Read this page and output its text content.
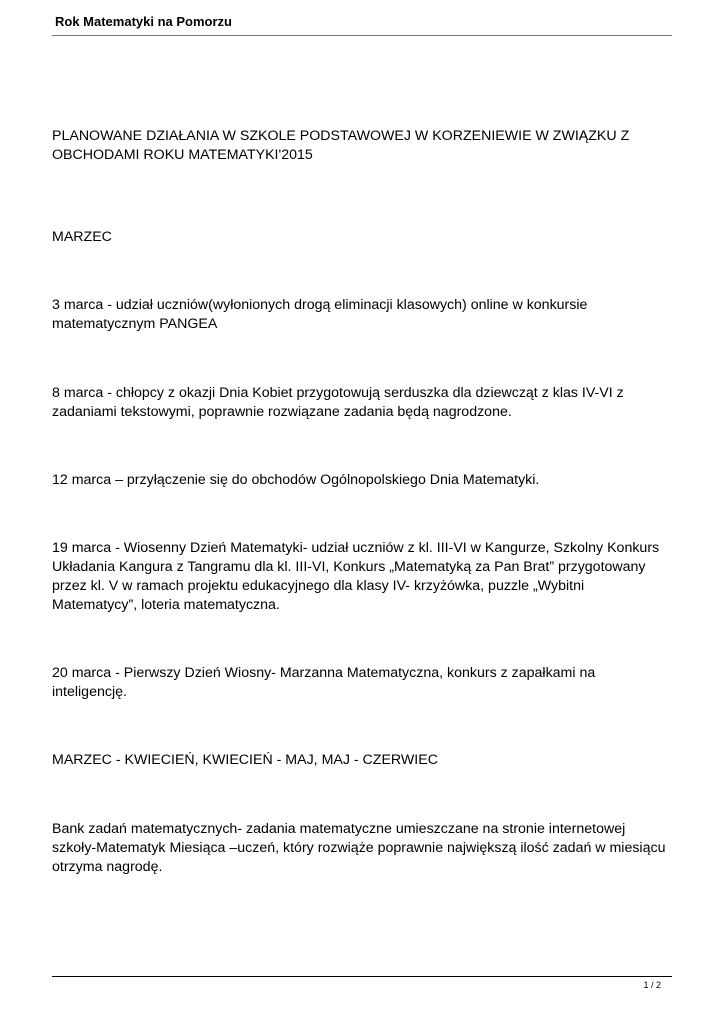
Rok Matematyki na Pomorzu

PLANOWANE DZIAŁANIA W SZKOLE PODSTAWOWEJ W KORZENIEWIE W ZWIĄZKU Z OBCHODAMI ROKU MATEMATYKI'2015

MARZEC

3 marca - udział uczniów(wyłonionych drogą eliminacji klasowych) online w konkursie matematycznym PANGEA

8 marca - chłopcy z okazji Dnia Kobiet przygotowują serduszka dla dziewcząt z klas IV-VI z zadaniami tekstowymi, poprawnie rozwiązane zadania będą nagrodzone.

12 marca – przyłączenie się do obchodów Ogólnopolskiego Dnia Matematyki.

19 marca - Wiosenny Dzień Matematyki- udział uczniów z kl. III-VI w Kangurze, Szkolny Konkurs Układania Kangura z Tangramu dla kl. III-VI, Konkurs „Matematyką za Pan Brat” przygotowany przez kl. V w ramach projektu edukacyjnego dla klasy IV- krzyżówka, puzzle „Wybitni Matematycy”, loteria matematyczna.

20 marca - Pierwszy Dzień Wiosny- Marzanna Matematyczna, konkurs z zapałkami na inteligencję.

MARZEC - KWIECIEŃ, KWIECIEŃ - MAJ, MAJ - CZERWIEC

Bank zadań matematycznych- zadania matematyczne umieszczane na stronie internetowej szkoły-Matematyk Miesiąca –uczeń, który rozwiąże poprawnie największą ilość zadań w miesiącu otrzyma nagrodę.

1 / 2
